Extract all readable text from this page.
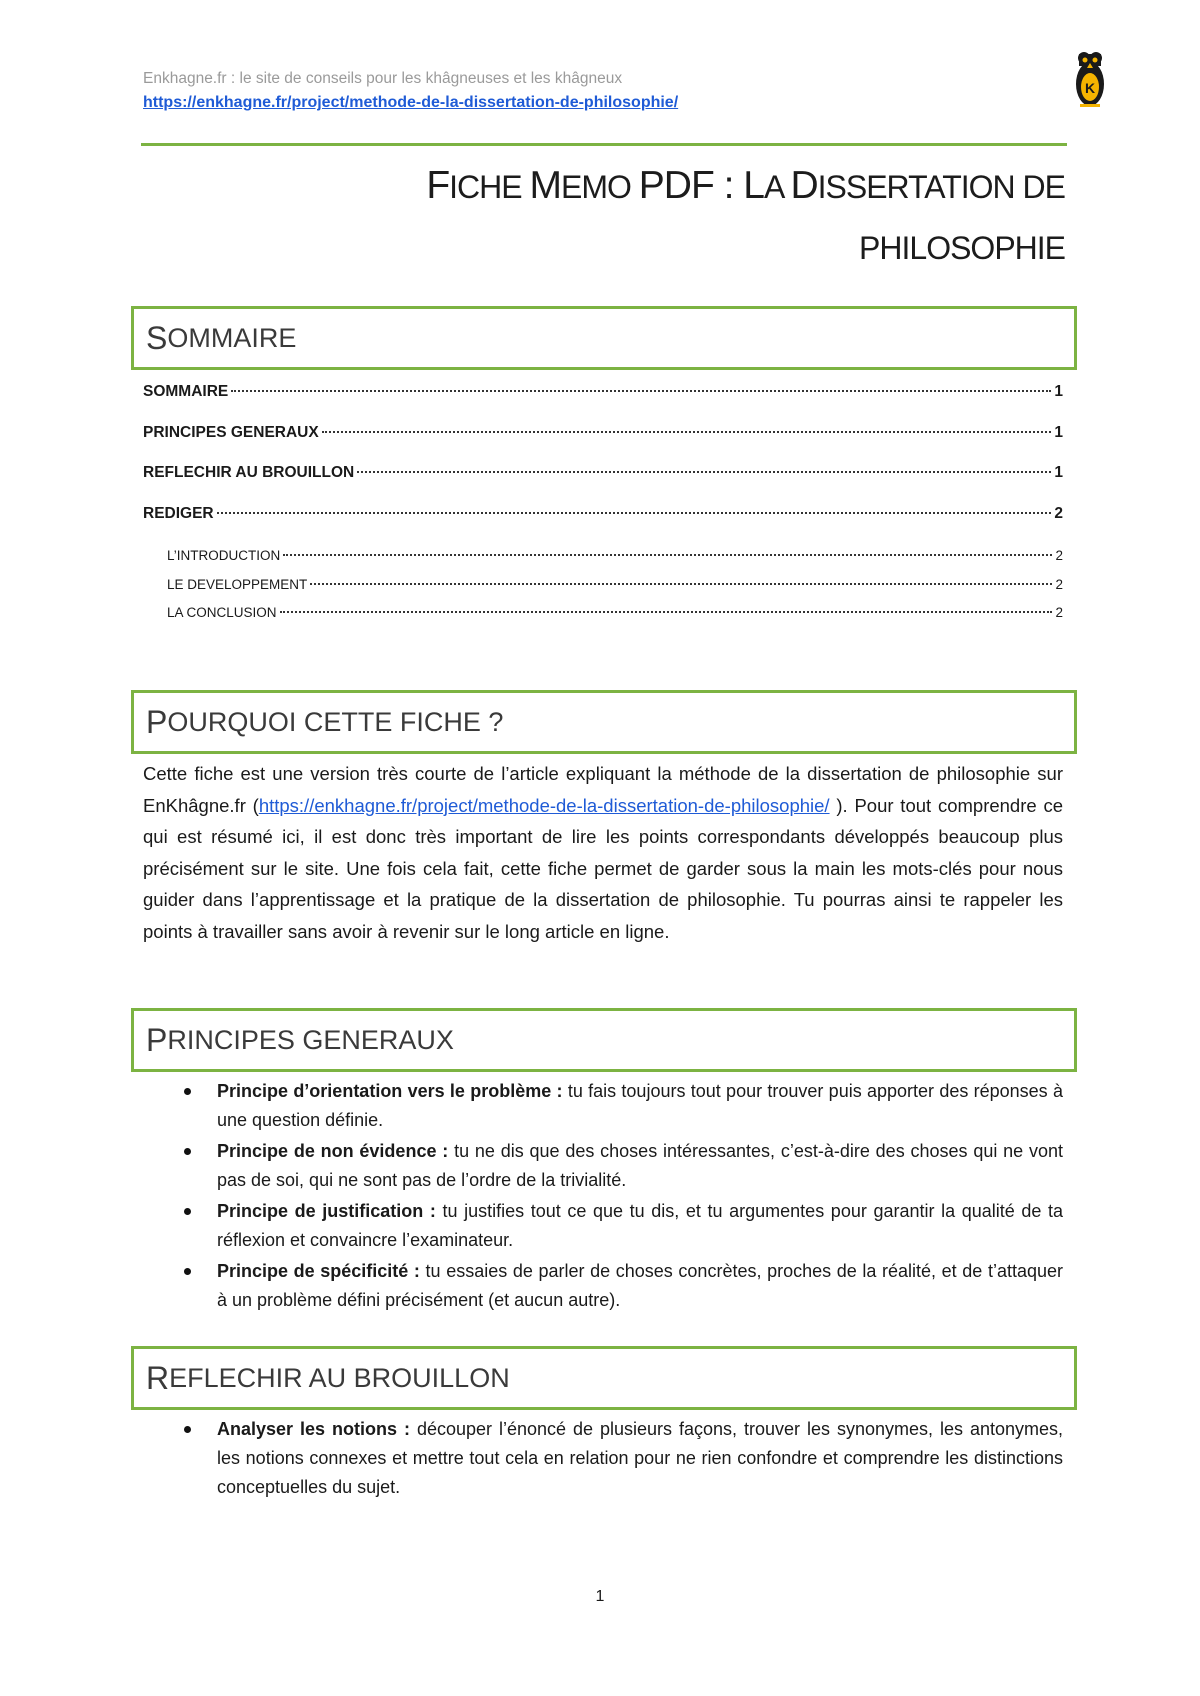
Enkhagne.fr : le site de conseils pour les khâgneuses et les khâgneux
https://enkhagne.fr/project/methode-de-la-dissertation-de-philosophie/
K
FICHE MEMO PDF : LA DISSERTATION DE
PHILOSOPHIE
S OMMAIRE
SOMMAIRE	1
PRINCIPES GENERAUX	1
REFLECHIR AU BROUILLON	1
REDIGER	2
L’INTRODUCTION	2
LE DEVELOPPEMENT	2
LA CONCLUSION	2
P OURQUOI CETTE FICHE ?
Cette fiche est une version très courte de l’article expliquant la méthode de la dissertation de philosophie sur EnKhâgne.fr (https://enkhagne.fr/project/methode-de-la-dissertation-de-philosophie/ ). Pour tout comprendre ce qui est résumé ici, il est donc très important de lire les points correspondants développés beaucoup plus précisément sur le site. Une fois cela fait, cette fiche permet de garder sous la main les mots-clés pour nous guider dans l’apprentissage et la pratique de la dissertation de philosophie. Tu pourras ainsi te rappeler les points à travailler sans avoir à revenir sur le long article en ligne.
P RINCIPES GENERAUX
Principe d’orientation vers le problème : tu fais toujours tout pour trouver puis apporter des réponses à une question définie.
Principe de non évidence : tu ne dis que des choses intéressantes, c’est-à-dire des choses qui ne vont pas de soi, qui ne sont pas de l’ordre de la trivialité.
Principe de justification : tu justifies tout ce que tu dis, et tu argumentes pour garantir la qualité de ta réflexion et convaincre l’examinateur.
Principe de spécificité : tu essaies de parler de choses concrètes, proches de la réalité, et de t’attaquer à un problème défini précisément (et aucun autre).
R EFLECHIR AU BROUILLON
Analyser les notions : découper l’énoncé de plusieurs façons, trouver les synonymes, les antonymes, les notions connexes et mettre tout cela en relation pour ne rien confondre et comprendre les distinctions conceptuelles du sujet.
1
